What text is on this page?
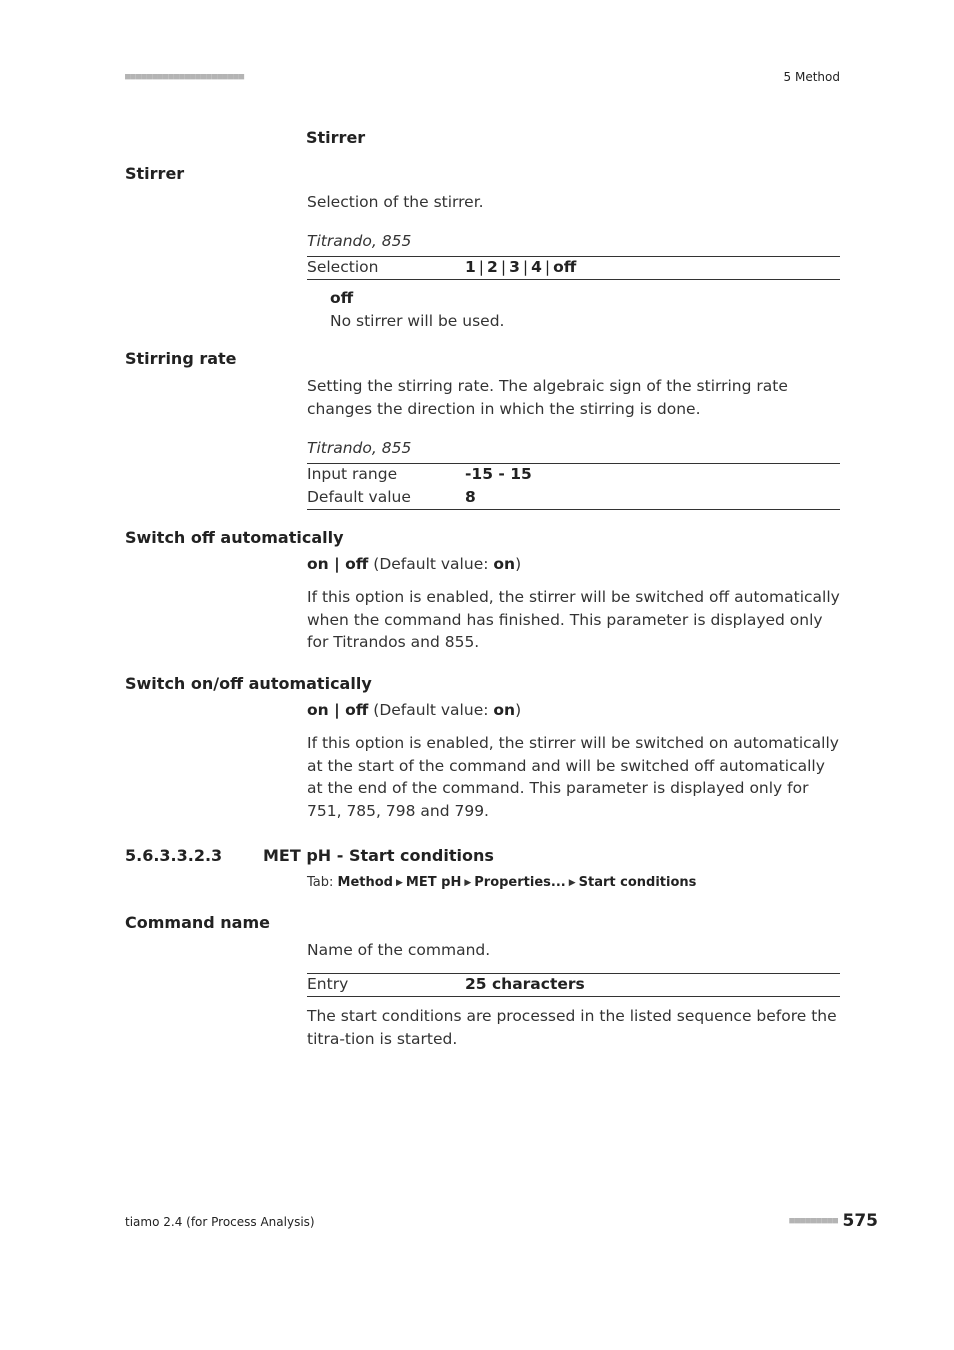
■■■■■■■■■■■■■■■■■■■■■■	5 Method
Stirrer
Stirrer
Selection of the stirrer.
Titrando, 855
Selection	1 | 2 | 3 | 4 | off
off
No stirrer will be used.
Stirring rate
Setting the stirring rate. The algebraic sign of the stirring rate changes the direction in which the stirring is done.
Titrando, 855
Input range	-15 - 15
Default value	8
Switch off automatically
on | off (Default value: on)
If this option is enabled, the stirrer will be switched off automatically when the command has finished. This parameter is displayed only for Titrandos and 855.
Switch on/off automatically
on | off (Default value: on)
If this option is enabled, the stirrer will be switched on automatically at the start of the command and will be switched off automatically at the end of the command. This parameter is displayed only for 751, 785, 798 and 799.
5.6.3.3.2.3	MET pH - Start conditions
Tab: Method ▶ MET pH ▶ Properties... ▶ Start conditions
Command name
Name of the command.
Entry	25 characters
The start conditions are processed in the listed sequence before the titra-tion is started.
tiamo 2.4 (for Process Analysis)	■■■■■■■■■ 575
